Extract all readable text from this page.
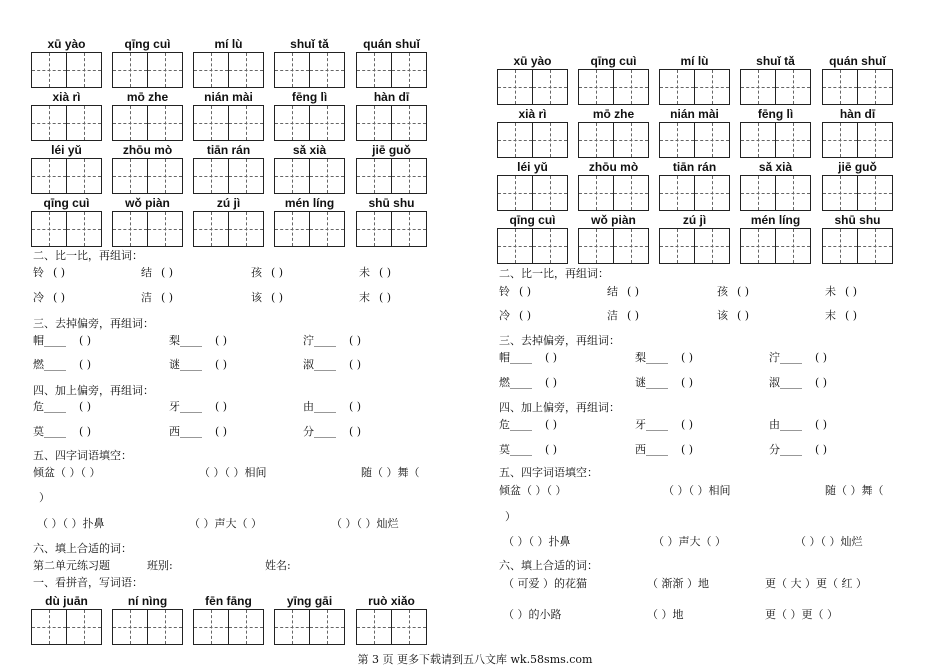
xū yào	qīng cuì	mí lù	shuǐ tǎ	quán shuǐ
xià rì	mō zhe	nián mài	fēng lì	hàn dī
léi yǔ	zhōu mò	tiān rán	sǎ xià	jiē guǒ
qīng cuì	wǒ piàn	zú jì	mén líng	shū shu
二、比一比，再组词：
铃 ( )	结 ( )	孩 ( )	未 ( )
冷 ( )	洁 ( )	该 ( )	末 ( )
三、去掉偏旁，再组词：
帽____ ( )	梨____ ( )	泞____ ( )
燃____ ( )	谜____ ( )	淑____ ( )
四、加上偏旁，再组词：
危____ ( )	牙____ ( )	由____ ( )
莫____ ( )	西____ ( )	分____ ( )
五、四字词语填空：
倾盆（ ）（ ）	（ ）（ ）相间	随（ ）舞（
）
（ ）（ ）扑鼻	（ ）声大（ ）	（ ）（ ）灿烂
六、填上合适的词：
第二单元练习题	班别:	姓名:
一、看拼音，写词语：
dù juān	ní nìng	fēn fāng	yīng gāi	ruò xiǎo
xū yào	qīng cuì	mí lù	shuǐ tǎ	quán shuǐ
xià rì	mō zhe	nián mài	fēng lì	hàn dī
léi yǔ	zhōu mò	tiān rán	sǎ xià	jiē guǒ
qīng cuì	wǒ piàn	zú jì	mén líng	shū shu
二、比一比，再组词：
铃 ( )	结 ( )	孩 ( )	未 ( )
冷 ( )	洁 ( )	该 ( )	末 ( )
三、去掉偏旁，再组词：
帽____ ( )	梨____ ( )	泞____ ( )
燃____ ( )	谜____ ( )	淑____ ( )
四、加上偏旁，再组词：
危____ ( )	牙____ ( )	由____ ( )
莫____ ( )	西____ ( )	分____ ( )
五、四字词语填空：
倾盆（ ）（ ）	（ ）（ ）相间	随（ ）舞（
）
（ ）（ ）扑鼻	（ ）声大（ ）	（ ）（ ）灿烂
六、填上合适的词：
（ 可爱 ）的花猫	（ 渐渐 ）地	更（ 大 ）更（ 红 ）
（ ）的小路	（ ）地	更（ ）更（ ）
第 3 页 更多下载请到五八文库 wk.58sms.com
